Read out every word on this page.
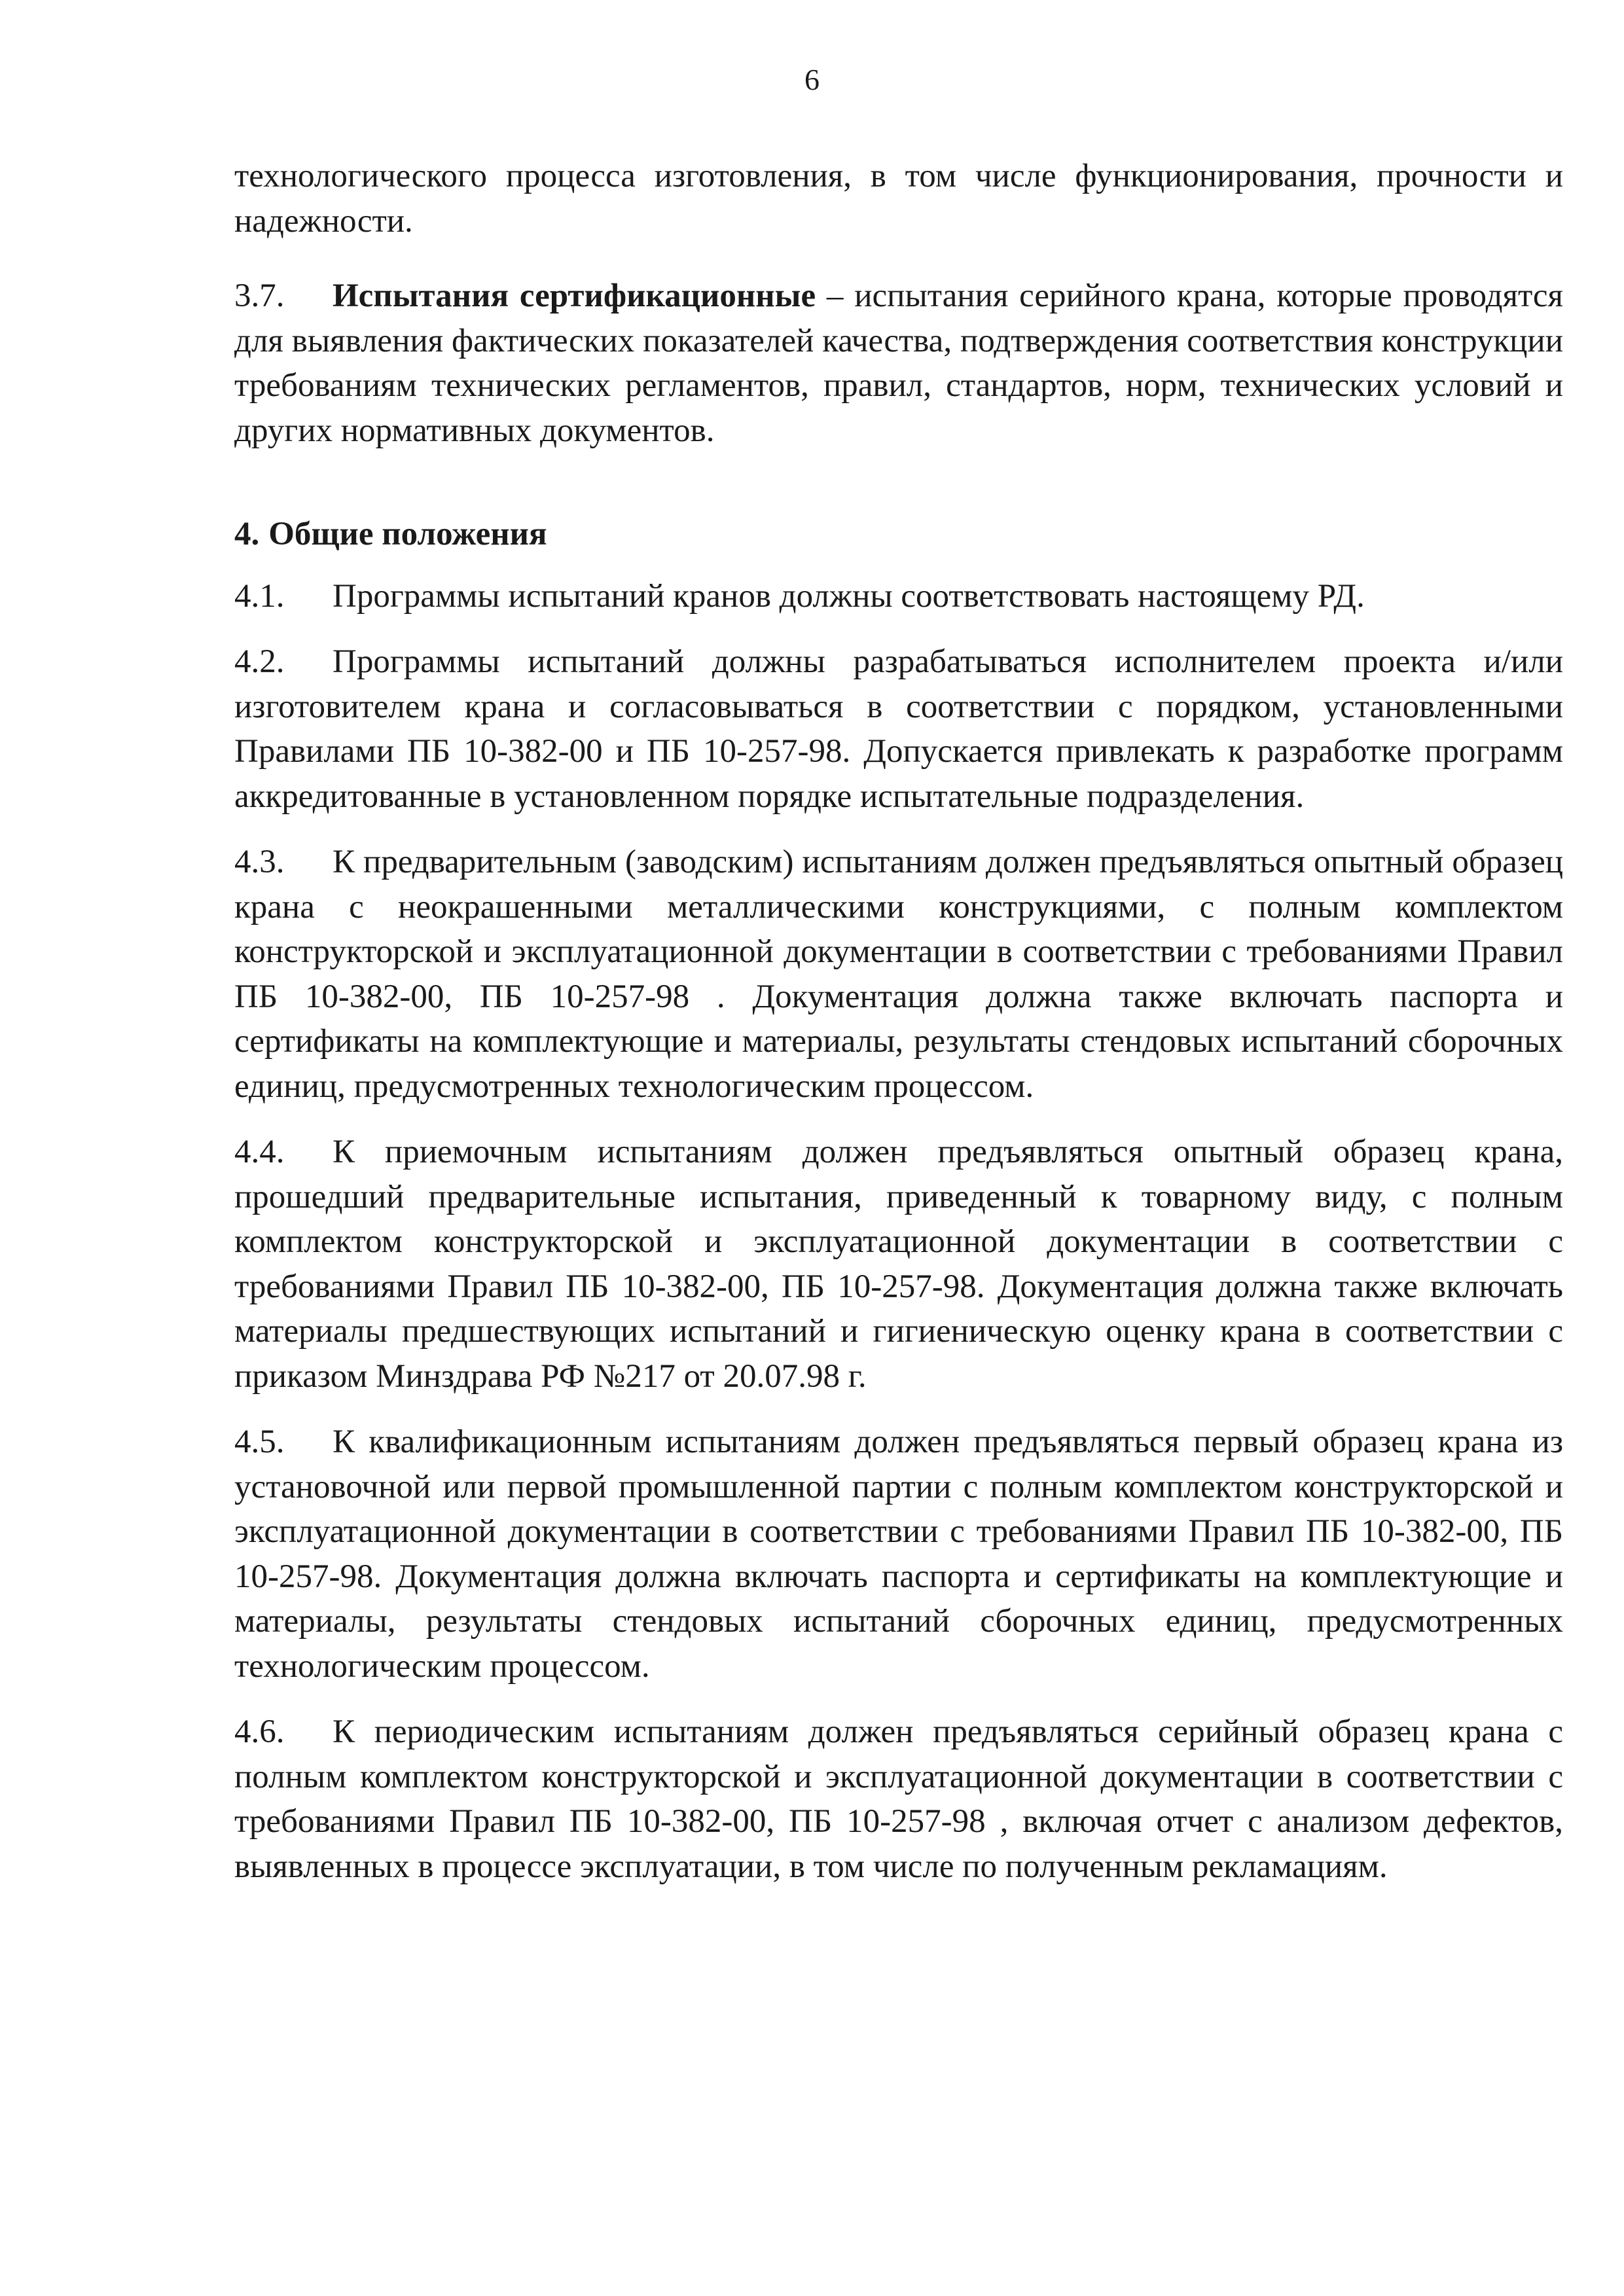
6

технологического процесса изготовления, в том числе функционирования, прочности и надежности.

3.7. Испытания сертификационные – испытания серийного крана, которые проводятся для выявления фактических показателей качества, подтверждения соответствия конструкции требованиям технических регламентов, правил, стандартов, норм, технических условий и других нормативных документов.

4. Общие положения

4.1. Программы испытаний кранов должны соответствовать настоящему РД.

4.2. Программы испытаний должны разрабатываться исполнителем проекта и/или изготовителем крана и согласовываться в соответствии с порядком, установленными Правилами ПБ 10-382-00 и ПБ 10-257-98. Допускается привлекать к разработке программ аккредитованные в установленном порядке испытательные подразделения.

4.3. К предварительным (заводским) испытаниям должен предъявляться опытный образец крана с неокрашенными металлическими конструкциями, с полным комплектом конструкторской и эксплуатационной документации в соответствии с требованиями Правил ПБ 10-382-00, ПБ 10-257-98 . Документация должна также включать паспорта и сертификаты на комплектующие и материалы, результаты стендовых испытаний сборочных единиц, предусмотренных технологическим процессом.

4.4. К приемочным испытаниям должен предъявляться опытный образец крана, прошедший предварительные испытания, приведенный к товарному виду, с полным комплектом конструкторской и эксплуатационной документации в соответствии с требованиями Правил ПБ 10-382-00, ПБ 10-257-98. Документация должна также включать материалы предшествующих испытаний и гигиеническую оценку крана в соответствии с приказом Минздрава РФ №217 от 20.07.98 г.

4.5. К квалификационным испытаниям должен предъявляться первый образец крана из установочной или первой промышленной партии с полным комплектом конструкторской и эксплуатационной документации в соответствии с требованиями Правил ПБ 10-382-00, ПБ 10-257-98. Документация должна включать паспорта и сертификаты на комплектующие и материалы, результаты стендовых испытаний сборочных единиц, предусмотренных технологическим процессом.

4.6. К периодическим испытаниям должен предъявляться серийный образец крана с полным комплектом конструкторской и эксплуатационной документации в соответствии с требованиями Правил ПБ 10-382-00, ПБ 10-257-98 , включая отчет с анализом дефектов, выявленных в процессе эксплуатации, в том числе по полученным рекламациям.
